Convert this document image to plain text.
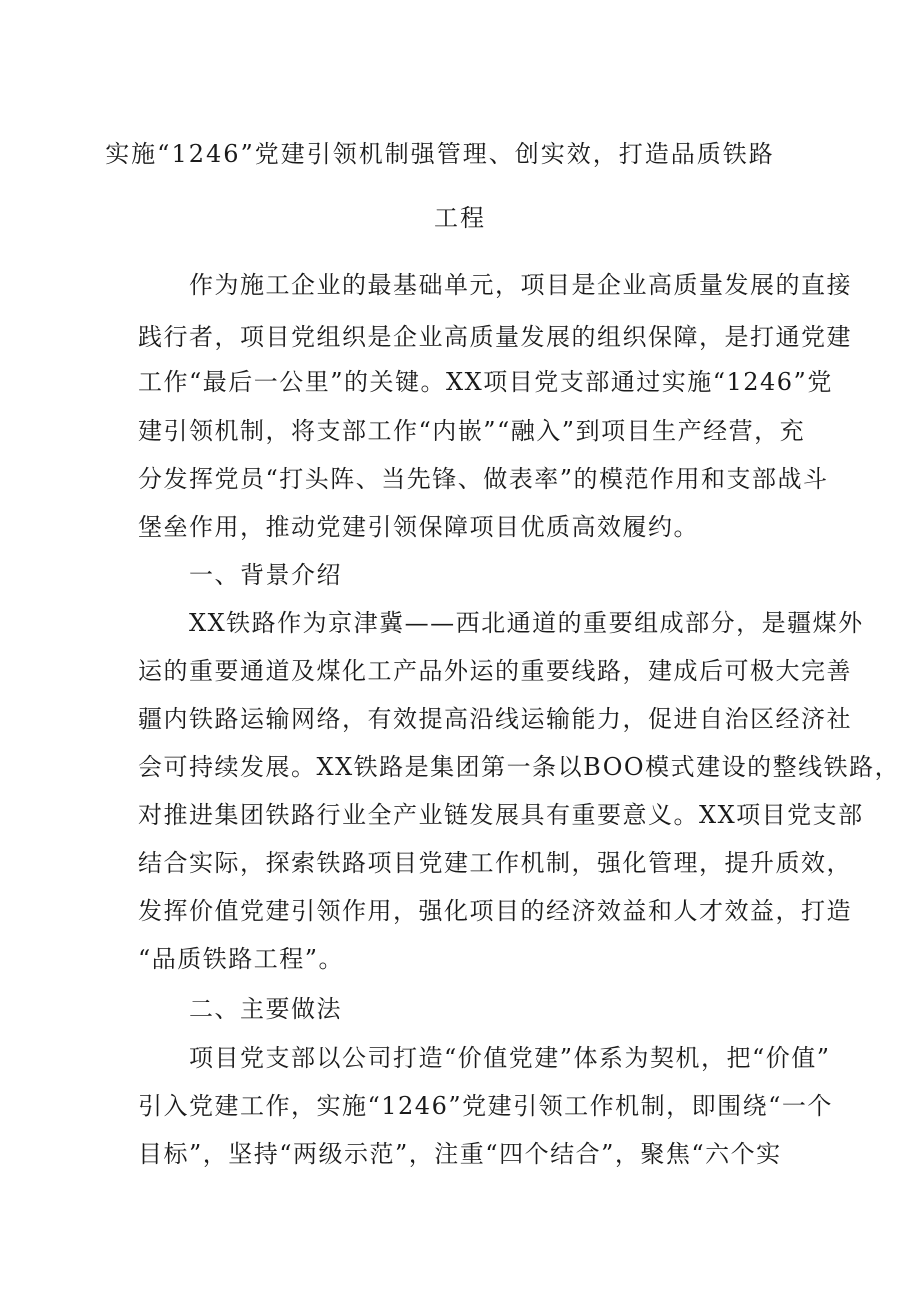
实施“1246”党建引领机制强管理、创实效，打造品质铁路
工程
　　作为施工企业的最基础单元，项目是企业高质量发展的直接
践行者，项目党组织是企业高质量发展的组织保障，是打通党建
工作“最后一公里”的关键。XX项目党支部通过实施“1246”党
建引领机制，将支部工作“内嵌”“融入”到项目生产经营，充
分发挥党员“打头阵、当先锋、做表率”的模范作用和支部战斗
堡垒作用，推动党建引领保障项目优质高效履约。
　　一、背景介绍
　　XX铁路作为京津冀——西北通道的重要组成部分，是疆煤外
运的重要通道及煤化工产品外运的重要线路，建成后可极大完善
疆内铁路运输网络，有效提高沿线运输能力，促进自治区经济社
会可持续发展。XX铁路是集团第一条以BOO模式建设的整线铁路，
对推进集团铁路行业全产业链发展具有重要意义。XX项目党支部
结合实际，探索铁路项目党建工作机制，强化管理，提升质效，
发挥价值党建引领作用，强化项目的经济效益和人才效益，打造
“品质铁路工程”。
　　二、主要做法
　　项目党支部以公司打造“价值党建”体系为契机，把“价值”
引入党建工作，实施“1246”党建引领工作机制，即围绕“一个
目标”，坚持“两级示范”，注重“四个结合”，聚焦“六个实
